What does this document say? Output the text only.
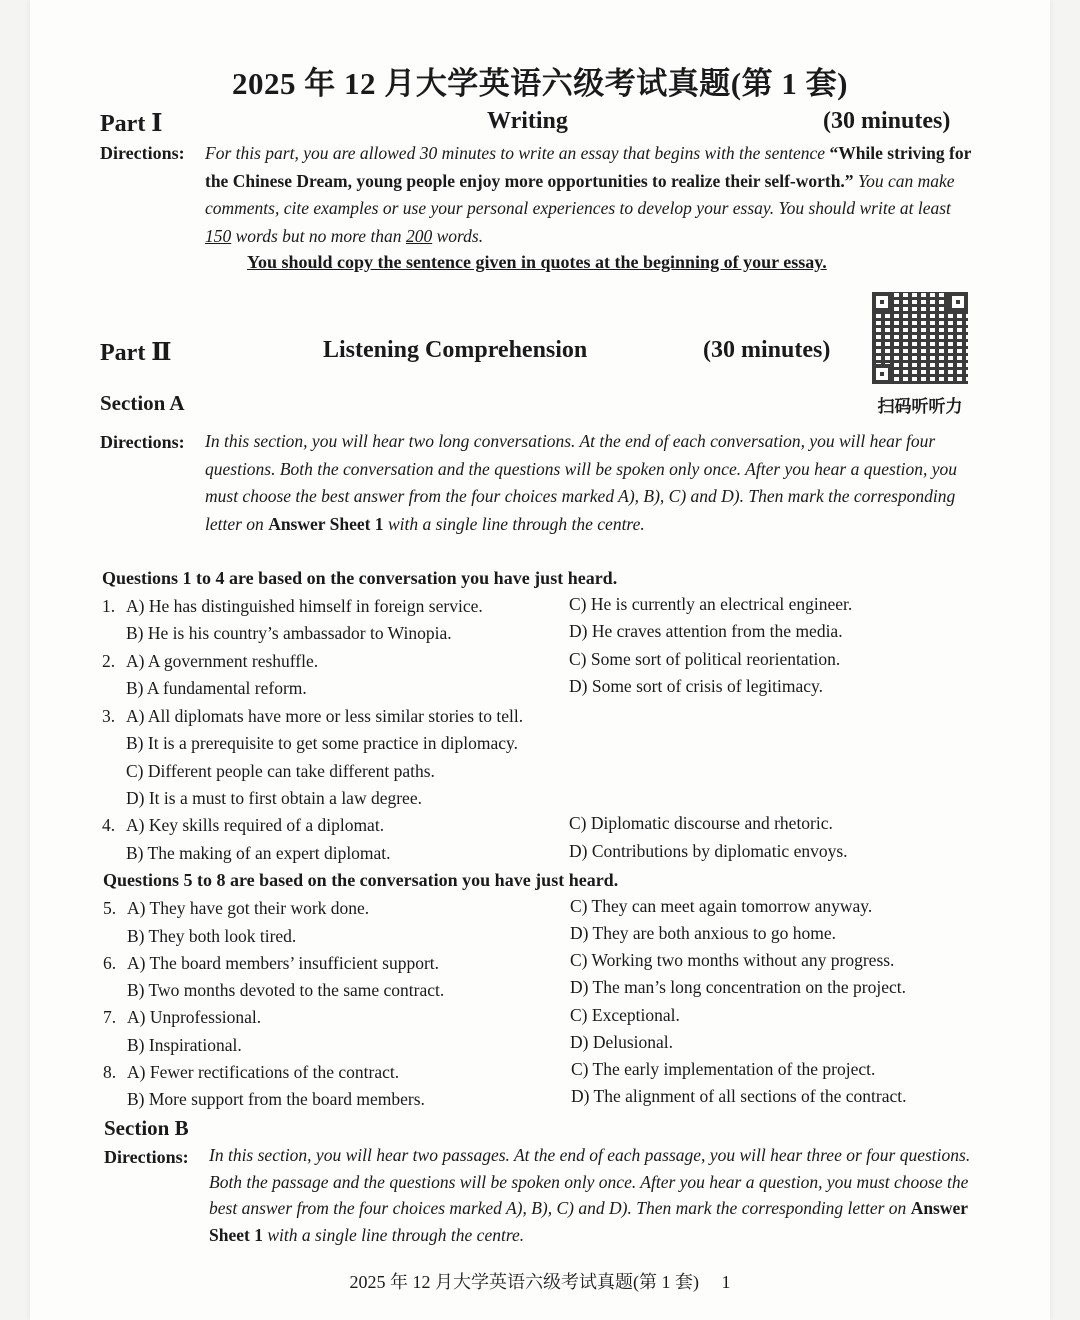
2025 年 12 月大学英语六级考试真题(第 1 套)
Part Ⅰ	Writing	(30 minutes)
Directions: For this part, you are allowed 30 minutes to write an essay that begins with the sentence “While striving for the Chinese Dream, young people enjoy more opportunities to realize their self-worth.” You can make comments, cite examples or use your personal experiences to develop your essay. You should write at least 150 words but no more than 200 words.
You should copy the sentence given in quotes at the beginning of your essay.
Part Ⅱ	Listening Comprehension	(30 minutes)
扫码听听力
Section A
Directions: In this section, you will hear two long conversations. At the end of each conversation, you will hear four questions. Both the conversation and the questions will be spoken only once. After you hear a question, you must choose the best answer from the four choices marked A), B), C) and D). Then mark the corresponding letter on Answer Sheet 1 with a single line through the centre.
Questions 1 to 4 are based on the conversation you have just heard.
1. A) He has distinguished himself in foreign service.
B) He is his country’s ambassador to Winopia.
C) He is currently an electrical engineer.
D) He craves attention from the media.
2. A) A government reshuffle.
B) A fundamental reform.
C) Some sort of political reorientation.
D) Some sort of crisis of legitimacy.
3. A) All diplomats have more or less similar stories to tell.
B) It is a prerequisite to get some practice in diplomacy.
C) Different people can take different paths.
D) It is a must to first obtain a law degree.
4. A) Key skills required of a diplomat.
B) The making of an expert diplomat.
C) Diplomatic discourse and rhetoric.
D) Contributions by diplomatic envoys.
Questions 5 to 8 are based on the conversation you have just heard.
5. A) They have got their work done.
B) They both look tired.
C) They can meet again tomorrow anyway.
D) They are both anxious to go home.
6. A) The board members’ insufficient support.
B) Two months devoted to the same contract.
C) Working two months without any progress.
D) The man’s long concentration on the project.
7. A) Unprofessional.
B) Inspirational.
C) Exceptional.
D) Delusional.
8. A) Fewer rectifications of the contract.
B) More support from the board members.
C) The early implementation of the project.
D) The alignment of all sections of the contract.
Section B
Directions: In this section, you will hear two passages. At the end of each passage, you will hear three or four questions. Both the passage and the questions will be spoken only once. After you hear a question, you must choose the best answer from the four choices marked A), B), C) and D). Then mark the corresponding letter on Answer Sheet 1 with a single line through the centre.
2025 年 12 月大学英语六级考试真题(第 1 套) 1
